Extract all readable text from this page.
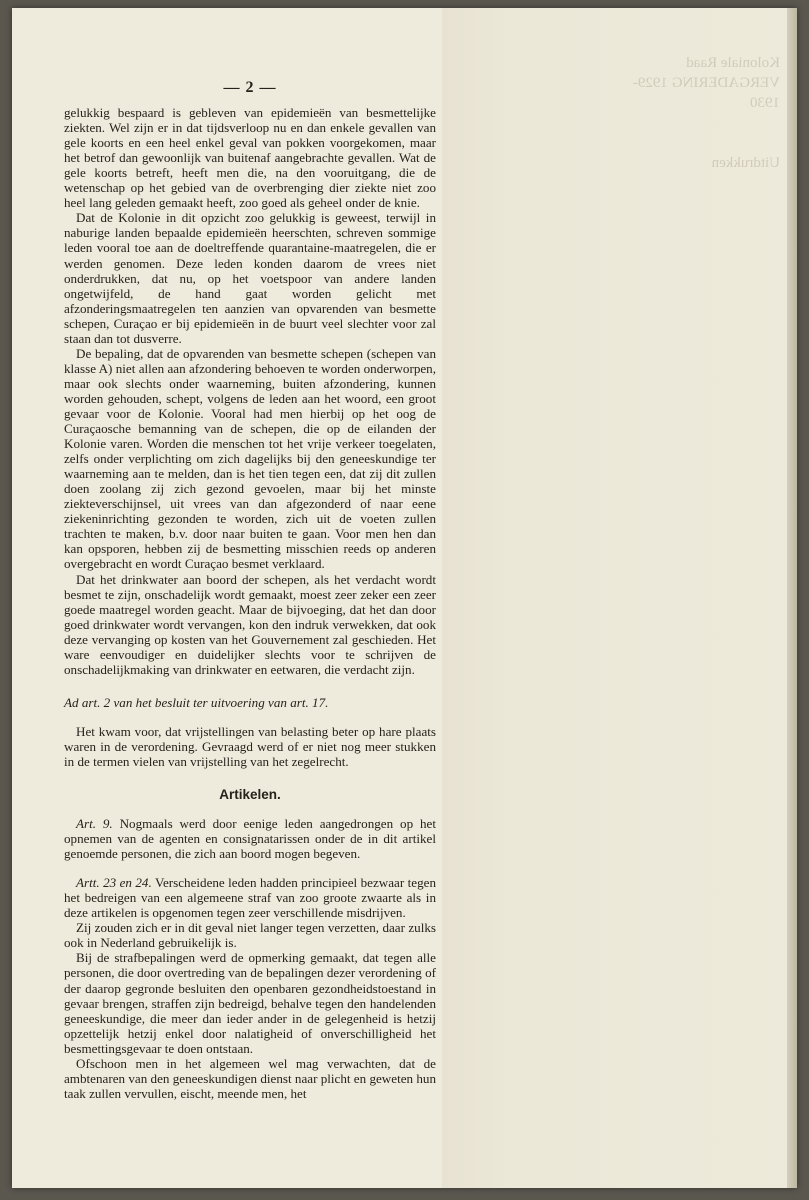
Koloniale Raad
VERGADERING 1929-1930
Uitdrukken
— 2 —

gelukkig bespaard is gebleven van epidemieën van besmettelijke ziekten. Wel zijn er in dat tijdsverloop nu en dan enkele gevallen van gele koorts en een heel enkel geval van pokken voorgekomen, maar het betrof dan gewoonlijk van buitenaf aangebrachte gevallen. Wat de gele koorts betreft, heeft men die, na den vooruitgang, die de wetenschap op het gebied van de overbrenging dier ziekte niet zoo heel lang geleden gemaakt heeft, zoo goed als geheel onder de knie.

Dat de Kolonie in dit opzicht zoo gelukkig is geweest, terwijl in naburige landen bepaalde epidemieën heerschten, schreven sommige leden vooral toe aan de doeltreffende quarantaine-maatregelen, die er werden genomen. Deze leden konden daarom de vrees niet onderdrukken, dat nu, op het voetspoor van andere landen ongetwijfeld, de hand gaat worden gelicht met afzonderingsmaatregelen ten aanzien van opvarenden van besmette schepen, Curaçao er bij epidemieën in de buurt veel slechter voor zal staan dan tot dusverre.

De bepaling, dat de opvarenden van besmette schepen (schepen van klasse A) niet allen aan afzondering behoeven te worden onderworpen, maar ook slechts onder waarneming, buiten afzondering, kunnen worden gehouden, schept, volgens de leden aan het woord, een groot gevaar voor de Kolonie. Vooral had men hierbij op het oog de Curaçaosche bemanning van de schepen, die op de eilanden der Kolonie varen. Worden die menschen tot het vrije verkeer toegelaten, zelfs onder verplichting om zich dagelijks bij den geneeskundige ter waarneming aan te melden, dan is het tien tegen een, dat zij dit zullen doen zoolang zij zich gezond gevoelen, maar bij het minste ziekteverschijnsel, uit vrees van dan afgezonderd of naar eene ziekeninrichting gezonden te worden, zich uit de voeten zullen trachten te maken, b.v. door naar buiten te gaan. Voor men hen dan kan opsporen, hebben zij de besmetting misschien reeds op anderen overgebracht en wordt Curaçao besmet verklaard.

Dat het drinkwater aan boord der schepen, als het verdacht wordt besmet te zijn, onschadelijk wordt gemaakt, moest zeer zeker een zeer goede maatregel worden geacht. Maar de bijvoeging, dat het dan door goed drinkwater wordt vervangen, kon den indruk verwekken, dat ook deze vervanging op kosten van het Gouvernement zal geschieden. Het ware eenvoudiger en duidelijker slechts voor te schrijven de onschadelijkmaking van drinkwater en eetwaren, die verdacht zijn.

Ad art. 2 van het besluit ter uitvoering van art. 17.

Het kwam voor, dat vrijstellingen van belasting beter op hare plaats waren in de verordening. Gevraagd werd of er niet nog meer stukken in de termen vielen van vrijstelling van het zegelrecht.

Artikelen.

Art. 9. Nogmaals werd door eenige leden aangedrongen op het opnemen van de agenten en consignatarissen onder de in dit artikel genoemde personen, die zich aan boord mogen begeven.

Artt. 23 en 24. Verscheidene leden hadden principieel bezwaar tegen het bedreigen van een algemeene straf van zoo groote zwaarte als in deze artikelen is opgenomen tegen zeer verschillende misdrijven.

Zij zouden zich er in dit geval niet langer tegen verzetten, daar zulks ook in Nederland gebruikelijk is.

Bij de strafbepalingen werd de opmerking gemaakt, dat tegen alle personen, die door overtreding van de bepalingen dezer verordening of der daarop gegronde besluiten den openbaren gezondheidstoestand in gevaar brengen, straffen zijn bedreigd, behalve tegen den handelenden geneeskundige, die meer dan ieder ander in de gelegenheid is hetzij opzettelijk hetzij enkel door nalatigheid of onverschilligheid het besmettingsgevaar te doen ontstaan.

Ofschoon men in het algemeen wel mag verwachten, dat de ambtenaren van den geneeskundigen dienst naar plicht en geweten hun taak zullen vervullen, eischt, meende men, het
